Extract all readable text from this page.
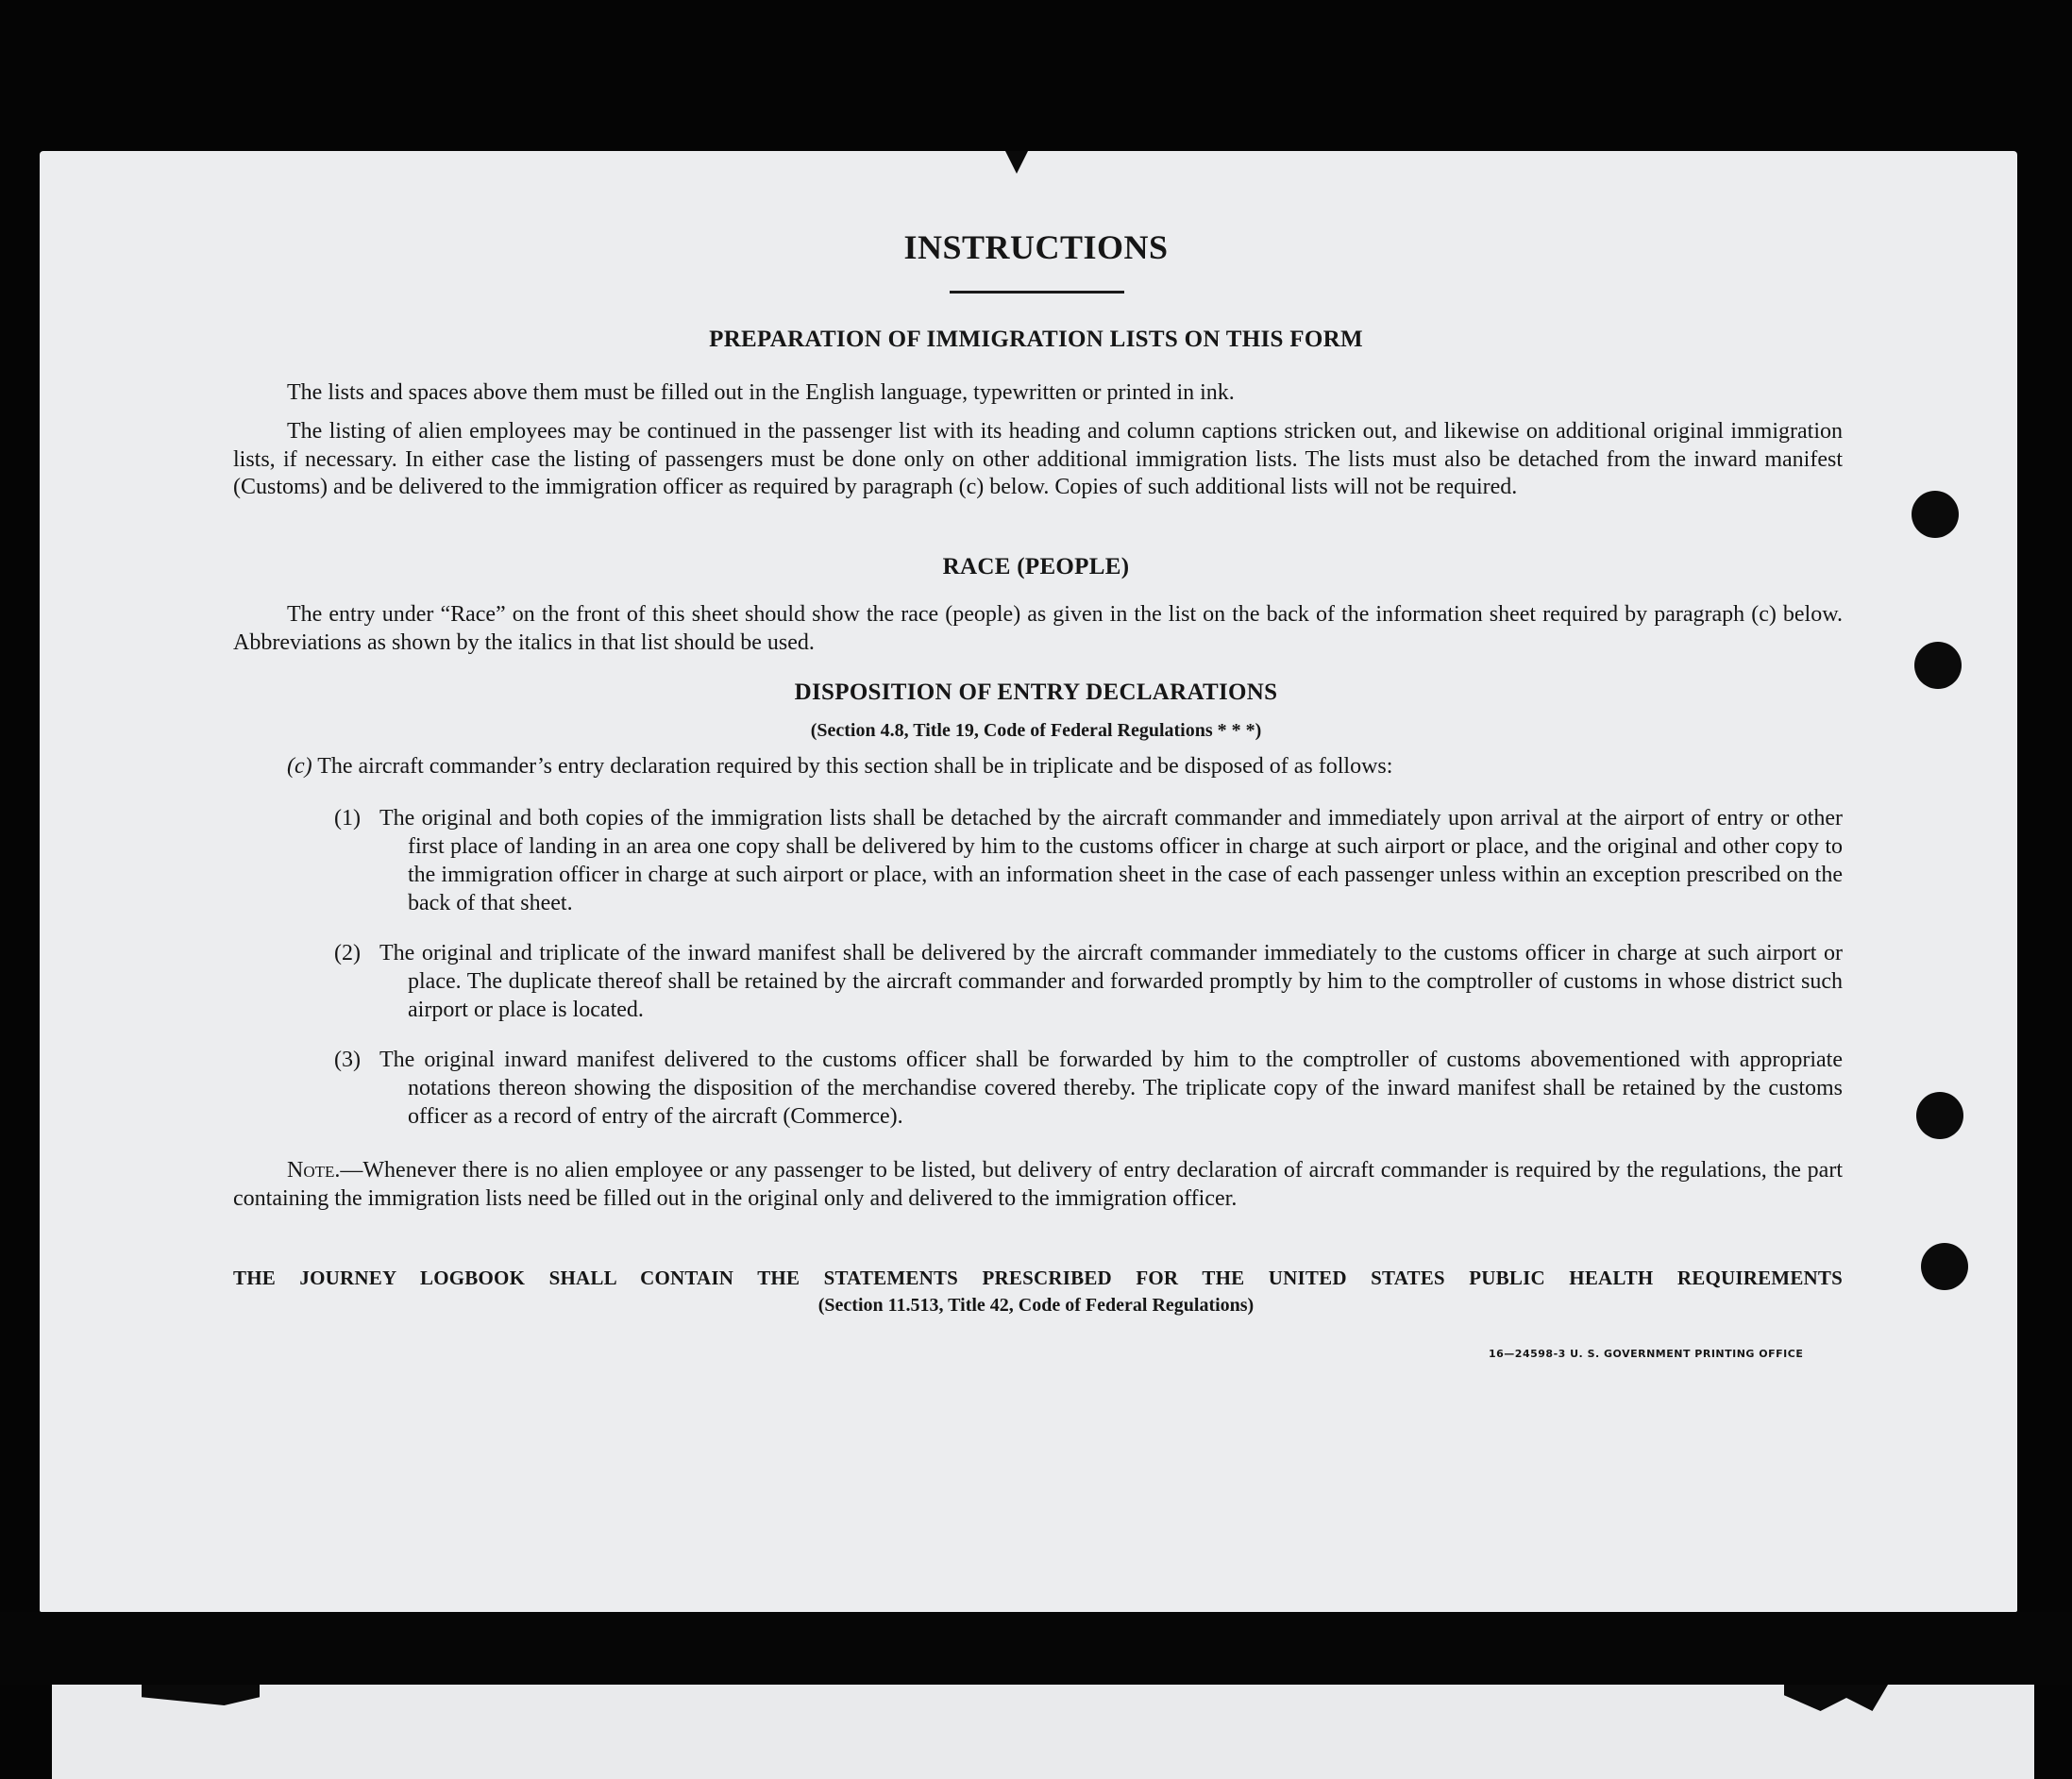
INSTRUCTIONS
PREPARATION OF IMMIGRATION LISTS ON THIS FORM

The lists and spaces above them must be filled out in the English language, typewritten or printed in ink.

The listing of alien employees may be continued in the passenger list with its heading and column captions stricken out, and likewise on additional original immigration lists, if necessary. In either case the listing of passengers must be done only on other additional immigration lists. The lists must also be detached from the inward manifest (Customs) and be delivered to the immigration officer as required by paragraph (c) below. Copies of such additional lists will not be required.

RACE (PEOPLE)

The entry under “Race” on the front of this sheet should show the race (people) as given in the list on the back of the information sheet required by paragraph (c) below. Abbreviations as shown by the italics in that list should be used.

DISPOSITION OF ENTRY DECLARATIONS
(Section 4.8, Title 19, Code of Federal Regulations * * *)

(c) The aircraft commander’s entry declaration required by this section shall be in triplicate and be disposed of as follows:

(1) The original and both copies of the immigration lists shall be detached by the aircraft commander and immediately upon arrival at the airport of entry or other first place of landing in an area one copy shall be delivered by him to the customs officer in charge at such airport or place, and the original and other copy to the immigration officer in charge at such airport or place, with an information sheet in the case of each passenger unless within an exception prescribed on the back of that sheet.

(2) The original and triplicate of the inward manifest shall be delivered by the aircraft commander immediately to the customs officer in charge at such airport or place. The duplicate thereof shall be retained by the aircraft commander and forwarded promptly by him to the comptroller of customs in whose district such airport or place is located.

(3) The original inward manifest delivered to the customs officer shall be forwarded by him to the comptroller of customs abovementioned with appropriate notations thereon showing the disposition of the merchandise covered thereby. The triplicate copy of the inward manifest shall be retained by the customs officer as a record of entry of the aircraft (Commerce).

Note.—Whenever there is no alien employee or any passenger to be listed, but delivery of entry declaration of aircraft commander is required by the regulations, the part containing the immigration lists need be filled out in the original only and delivered to the immigration officer.

THE JOURNEY LOGBOOK SHALL CONTAIN THE STATEMENTS PRESCRIBED FOR THE UNITED STATES PUBLIC HEALTH REQUIREMENTS

(Section 11.513, Title 42, Code of Federal Regulations)

16—24598-3 U. S. GOVERNMENT PRINTING OFFICE
